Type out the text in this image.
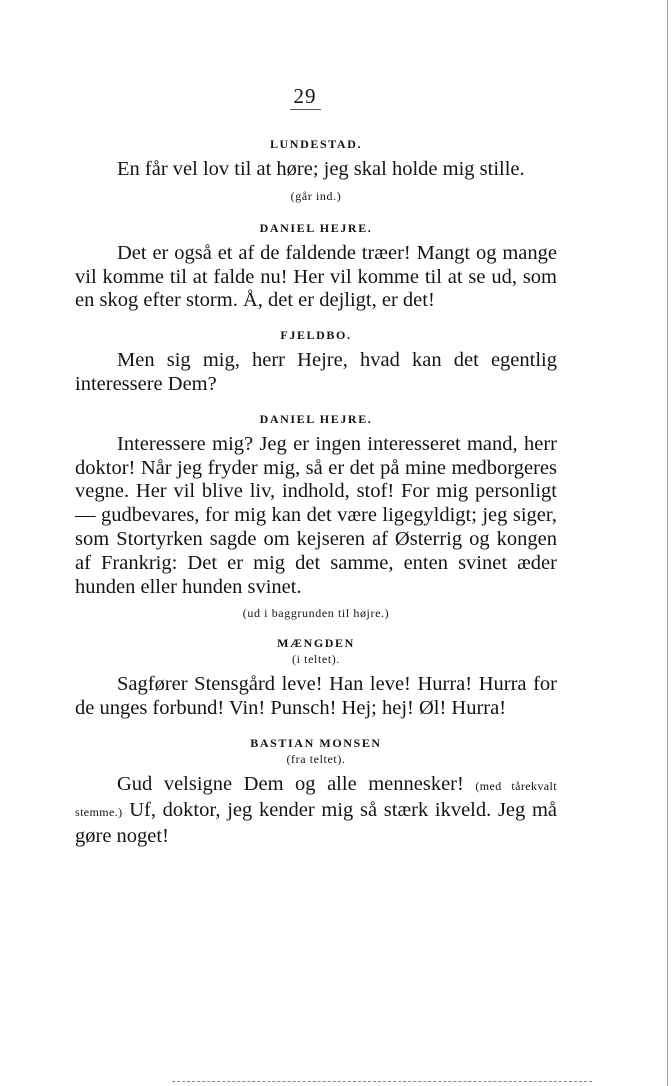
29
LUNDESTAD.

En får vel lov til at høre; jeg skal holde mig stille.

(går ind.)
DANIEL HEJRE.

Det er også et af de faldende træer! Mangt og mange vil komme til at falde nu! Her vil komme til at se ud, som en skog efter storm. Å, det er dejligt, er det!

FJELDBO.

Men sig mig, herr Hejre, hvad kan det egentlig interessere Dem?

DANIEL HEJRE.

Interessere mig? Jeg er ingen interesseret mand, herr doktor! Når jeg fryder mig, så er det på mine medborgeres vegne. Her vil blive liv, indhold, stof! For mig personligt — gudbevares, for mig kan det være ligegyldigt; jeg siger, som Stortyrken sagde om kejseren af Østerrig og kongen af Frankrig: Det er mig det samme, enten svinet æder hunden eller hunden svinet.

(ud i baggrunden til højre.)
MÆNGDEN
(i teltet).

Sagfører Stensgård leve! Han leve! Hurra! Hurra for de unges forbund! Vin! Punsch! Hej; hej! Øl! Hurra!

BASTIAN MONSEN
(fra teltet).

Gud velsigne Dem og alle mennesker! (med tårekvalt stemme.) Uf, doktor, jeg kender mig så stærk ikveld. Jeg må gøre noget!
